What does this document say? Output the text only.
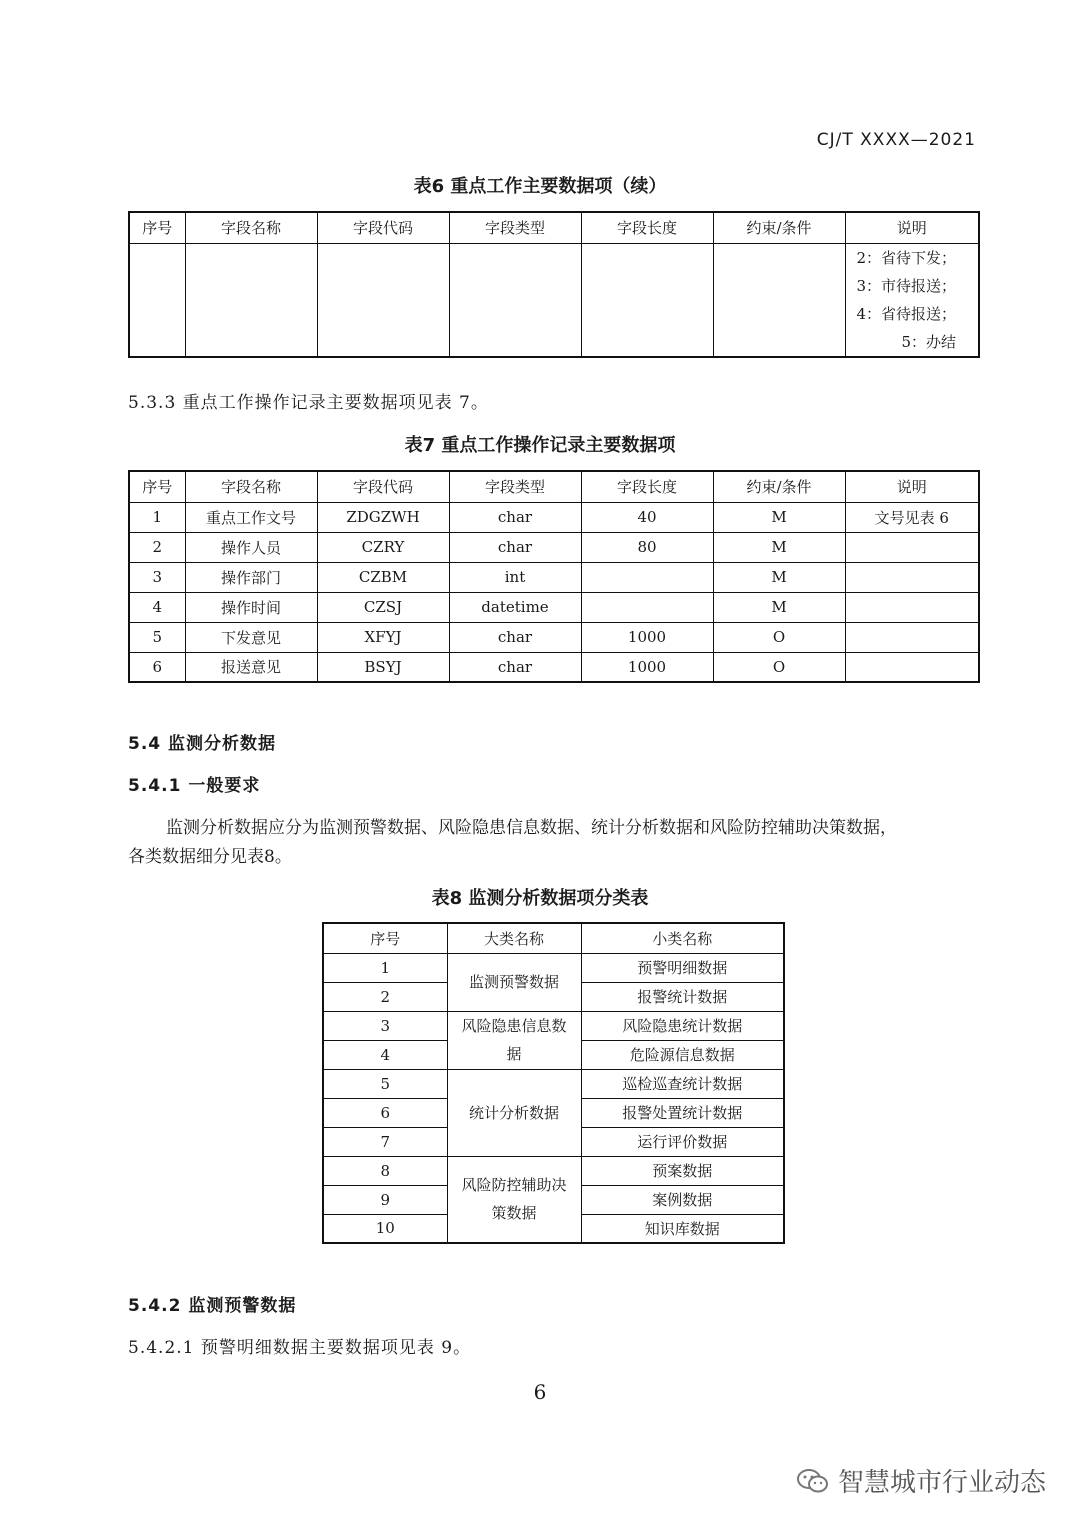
CJ/T XXXX—2021
表6 重点工作主要数据项（续）
序号	字段名称	字段代码	字段类型	字段长度	约束/条件	说明

						2：省待下发；
3：市待报送；
4：省待报送；
5：办结
5.3.3 重点工作操作记录主要数据项见表 7。
表7 重点工作操作记录主要数据项
序号	字段名称	字段代码	字段类型	字段长度	约束/条件	说明
1	重点工作文号	ZDGZWH	char	40	M	文号见表 6
2	操作人员	CZRY	char	80	M	
3	操作部门	CZBM	int		M	
4	操作时间	CZSJ	datetime		M	
5	下发意见	XFYJ	char	1000	O	
6	报送意见	BSYJ	char	1000	O	
5.4 监测分析数据
5.4.1 一般要求
监测分析数据应分为监测预警数据、风险隐患信息数据、统计分析数据和风险防控辅助决策数据，
各类数据细分见表8。
表8 监测分析数据项分类表
序号	大类名称	小类名称
1	监测预警数据	预警明细数据
2		报警统计数据
3	风险隐患信息数据	风险隐患统计数据
4		危险源信息数据
5	统计分析数据	巡检巡查统计数据
6		报警处置统计数据
7		运行评价数据
8	风险防控辅助决策数据	预案数据
9		案例数据
10		知识库数据
5.4.2 监测预警数据
5.4.2.1 预警明细数据主要数据项见表 9。
6
智慧城市行业动态
